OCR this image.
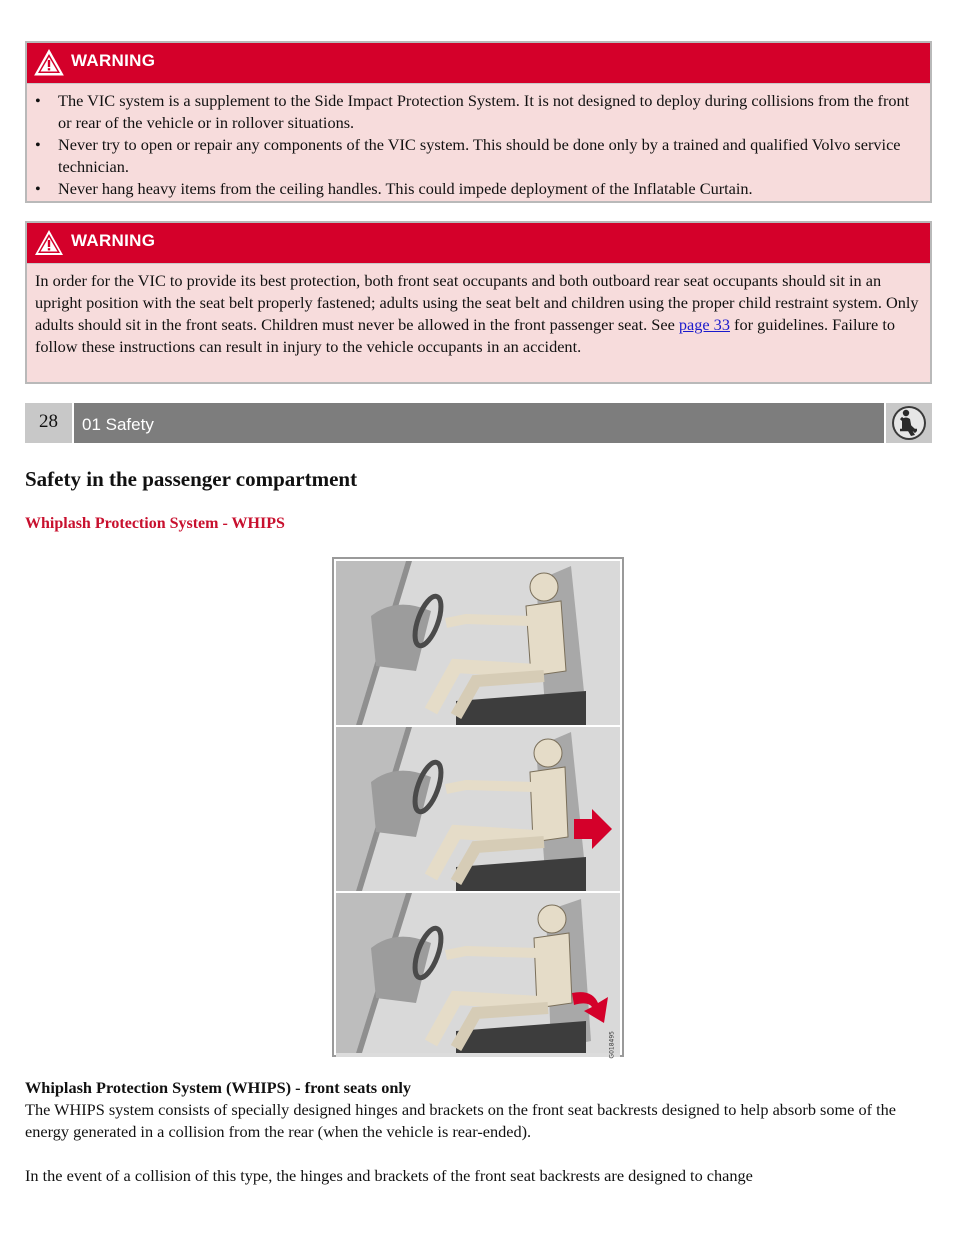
WARNING
• The VIC system is a supplement to the Side Impact Protection System. It is not designed to deploy during collisions from the front or rear of the vehicle or in rollover situations.
• Never try to open or repair any components of the VIC system. This should be done only by a trained and qualified Volvo service technician.
• Never hang heavy items from the ceiling handles. This could impede deployment of the Inflatable Curtain.
WARNING

In order for the VIC to provide its best protection, both front seat occupants and both outboard rear seat occupants should sit in an upright position with the seat belt properly fastened; adults using the seat belt and children using the proper child restraint system. Only adults should sit in the front seats. Children must never be allowed in the front passenger seat. See page 33 for guidelines. Failure to follow these instructions can result in injury to the vehicle occupants in an accident.

28	01 Safety
Safety in the passenger compartment
Whiplash Protection System - WHIPS
G018495

Whiplash Protection System (WHIPS) - front seats only

The WHIPS system consists of specially designed hinges and brackets on the front seat backrests designed to help absorb some of the energy generated in a collision from the rear (when the vehicle is rear-ended).

In the event of a collision of this type, the hinges and brackets of the front seat backrests are designed to change
